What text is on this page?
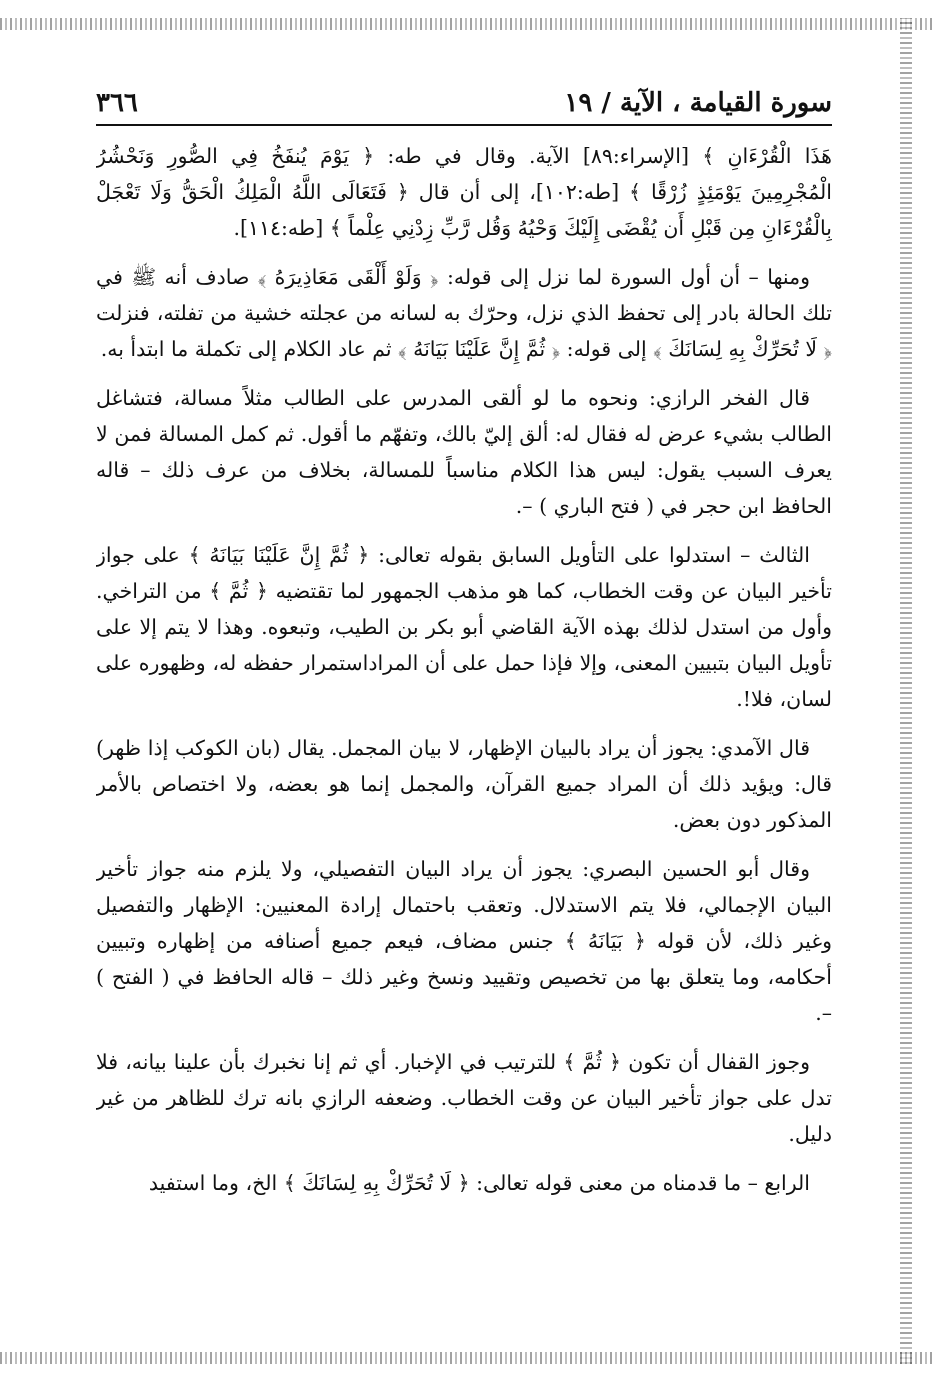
سورة القيامة ، الآية / ١٩
٣٦٦

هَذَا الْقُرْءَانِ ﴾ [الإسراء:٨٩] الآية. وقال في طه: ﴿ يَوْمَ يُنفَخُ فِي الصُّورِ وَنَحْشُرُ الْمُجْرِمِينَ يَوْمَئِذٍ زُرْقًا ﴾ [طه:١٠٢]، إلى أن قال ﴿ فَتَعَالَى اللَّهُ الْمَلِكُ الْحَقُّ وَلَا تَعْجَلْ بِالْقُرْءَانِ مِن قَبْلِ أَن يُقْضَى إِلَيْكَ وَحْيُهُ وَقُل رَّبِّ زِدْنِي عِلْماً ﴾ [طه:١١٤].

ومنها – أن أول السورة لما نزل إلى قوله: ﴿ وَلَوْ أَلْقَى مَعَاذِيرَهُ ﴾ صادف أنه ﷺ في تلك الحالة بادر إلى تحفظ الذي نزل، وحرّك به لسانه من عجلته خشية من تفلته، فنزلت ﴿ لَا تُحَرِّكْ بِهِ لِسَانَكَ ﴾ إلى قوله: ﴿ ثُمَّ إِنَّ عَلَيْنَا بَيَانَهُ ﴾ ثم عاد الكلام إلى تكملة ما ابتدأ به.

قال الفخر الرازي: ونحوه ما لو ألقى المدرس على الطالب مثلاً مسالة، فتشاغل الطالب بشيء عرض له فقال له: ألق إليّ بالك، وتفهّم ما أقول. ثم كمل المسالة فمن لا يعرف السبب يقول: ليس هذا الكلام مناسباً للمسالة، بخلاف من عرف ذلك – قاله الحافظ ابن حجر في ( فتح الباري ) –.

الثالث – استدلوا على التأويل السابق بقوله تعالى: ﴿ ثُمَّ إِنَّ عَلَيْنَا بَيَانَهُ ﴾ على جواز تأخير البيان عن وقت الخطاب، كما هو مذهب الجمهور لما تقتضيه ﴿ ثُمَّ ﴾ من التراخي. وأول من استدل لذلك بهذه الآية القاضي أبو بكر بن الطيب، وتبعوه. وهذا لا يتم إلا على تأويل البيان بتبيين المعنى، وإلا فإذا حمل على أن المراداستمرار حفظه له، وظهوره على لسان، فلا!.

قال الآمدي: يجوز أن يراد بالبيان الإظهار، لا بيان المجمل. يقال (بان الكوكب إذا ظهر) قال: ويؤيد ذلك أن المراد جميع القرآن، والمجمل إنما هو بعضه، ولا اختصاص بالأمر المذكور دون بعض.

وقال أبو الحسين البصري: يجوز أن يراد البيان التفصيلي، ولا يلزم منه جواز تأخير البيان الإجمالي، فلا يتم الاستدلال. وتعقب باحتمال إرادة المعنيين: الإظهار والتفصيل وغير ذلك، لأن قوله ﴿ بَيَانَهُ ﴾ جنس مضاف، فيعم جميع أصنافه من إظهاره وتبيين أحكامه، وما يتعلق بها من تخصيص وتقييد ونسخ وغير ذلك – قاله الحافظ في ( الفتح ) –.

وجوز القفال أن تكون ﴿ ثُمَّ ﴾ للترتيب في الإخبار. أي ثم إنا نخبرك بأن علينا بيانه، فلا تدل على جواز تأخير البيان عن وقت الخطاب. وضعفه الرازي بانه ترك للظاهر من غير دليل.

الرابع – ما قدمناه من معنى قوله تعالى: ﴿ لَا تُحَرِّكْ بِهِ لِسَانَكَ ﴾ الخ، وما استفيد
